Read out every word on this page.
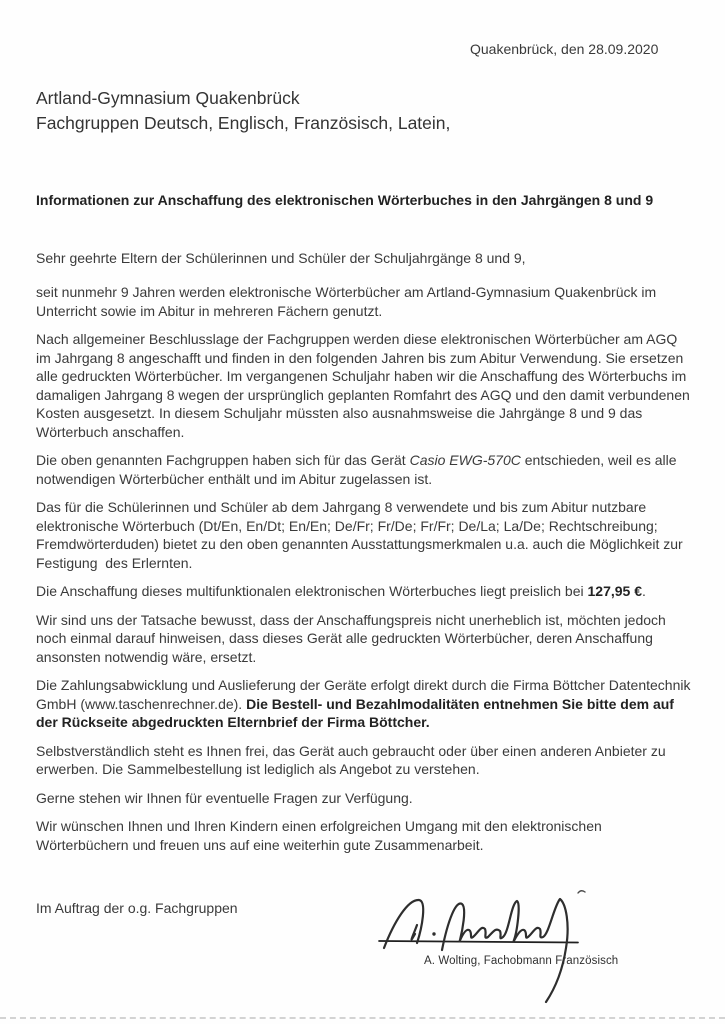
Quakenbrück, den 28.09.2020
Artland-Gymnasium Quakenbrück
Fachgruppen Deutsch, Englisch, Französisch, Latein,
Informationen zur Anschaffung des elektronischen Wörterbuches in den Jahrgängen 8 und 9
Sehr geehrte Eltern der Schülerinnen und Schüler der Schuljahrgänge 8 und 9,

seit nunmehr 9 Jahren werden elektronische Wörterbücher am Artland-Gymnasium Quakenbrück im Unterricht sowie im Abitur in mehreren Fächern genutzt.

Nach allgemeiner Beschlusslage der Fachgruppen werden diese elektronischen Wörterbücher am AGQ im Jahrgang 8 angeschafft und finden in den folgenden Jahren bis zum Abitur Verwendung. Sie ersetzen alle gedruckten Wörterbücher. Im vergangenen Schuljahr haben wir die Anschaffung des Wörterbuchs im damaligen Jahrgang 8 wegen der ursprünglich geplanten Romfahrt des AGQ und den damit verbundenen Kosten ausgesetzt. In diesem Schuljahr müssten also ausnahmsweise die Jahrgänge 8 und 9 das Wörterbuch anschaffen.

Die oben genannten Fachgruppen haben sich für das Gerät Casio EWG-570C entschieden, weil es alle notwendigen Wörterbücher enthält und im Abitur zugelassen ist.

Das für die Schülerinnen und Schüler ab dem Jahrgang 8 verwendete und bis zum Abitur nutzbare elektronische Wörterbuch (Dt/En, En/Dt; En/En; De/Fr; Fr/De; Fr/Fr; De/La; La/De; Rechtschreibung; Fremdwörterduden) bietet zu den oben genannten Ausstattungsmerkmalen u.a. auch die Möglichkeit zur Festigung  des Erlernten.

Die Anschaffung dieses multifunktionalen elektronischen Wörterbuches liegt preislich bei 127,95 €.

Wir sind uns der Tatsache bewusst, dass der Anschaffungspreis nicht unerheblich ist, möchten jedoch noch einmal darauf hinweisen, dass dieses Gerät alle gedruckten Wörterbücher, deren Anschaffung ansonsten notwendig wäre, ersetzt.

Die Zahlungsabwicklung und Auslieferung der Geräte erfolgt direkt durch die Firma Böttcher Datentechnik GmbH (www.taschenrechner.de). Die Bestell- und Bezahlmodalitäten entnehmen Sie bitte dem auf der Rückseite abgedruckten Elternbrief der Firma Böttcher.

Selbstverständlich steht es Ihnen frei, das Gerät auch gebraucht oder über einen anderen Anbieter zu erwerben. Die Sammelbestellung ist lediglich als Angebot zu verstehen.

Gerne stehen wir Ihnen für eventuelle Fragen zur Verfügung.

Wir wünschen Ihnen und Ihren Kindern einen erfolgreichen Umgang mit den elektronischen Wörterbüchern und freuen uns auf eine weiterhin gute Zusammenarbeit.

Im Auftrag der o.g. Fachgruppen
A. Wolting, Fachobmann Französisch
